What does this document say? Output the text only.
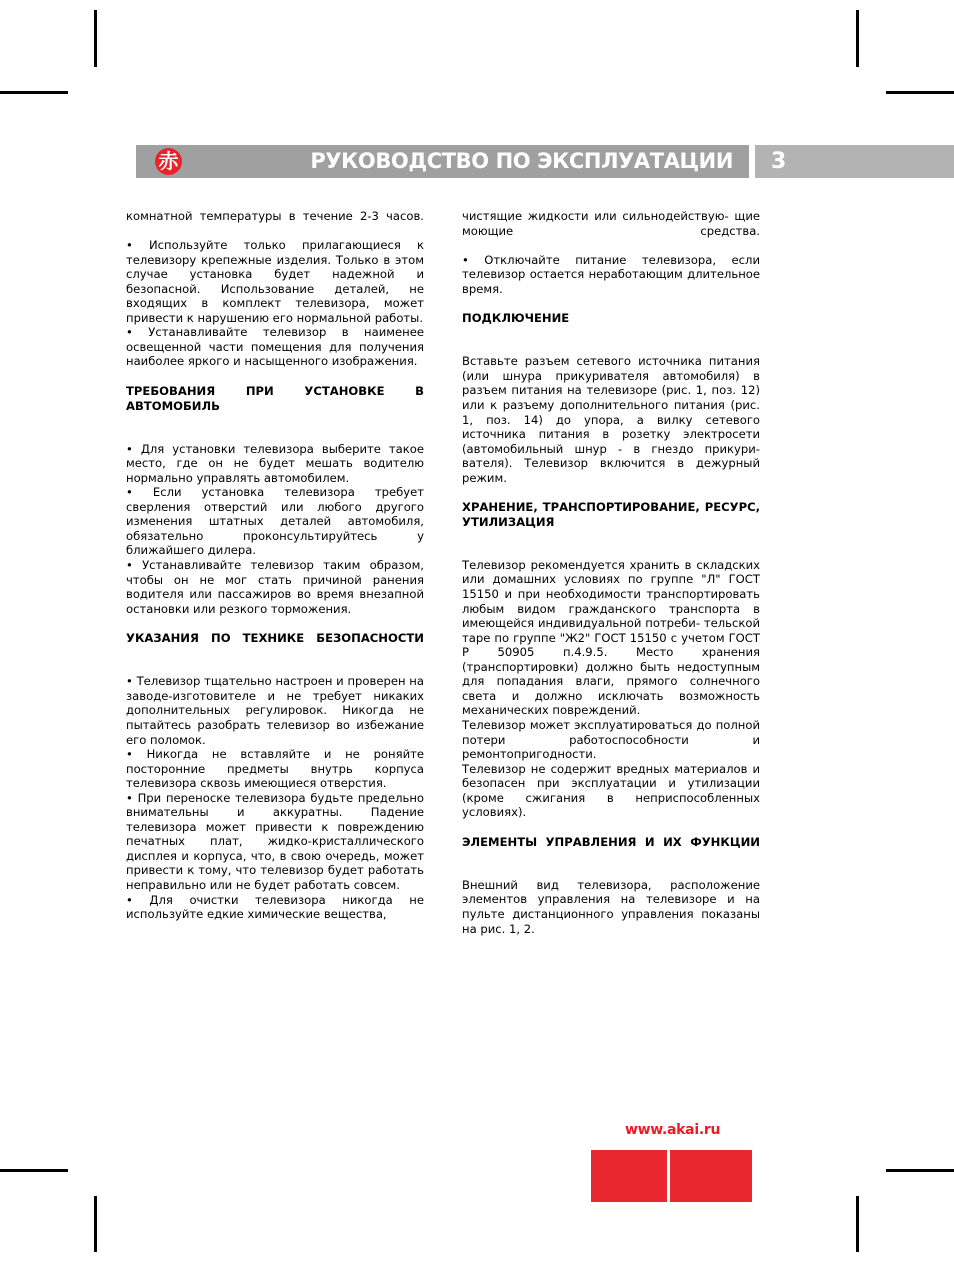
赤	РУКОВОДСТВО ПО ЭКСПЛУАТАЦИИ 3

комнатной температуры в течение 2-3 часов.

• Используйте только прилагающиеся к телевизору крепежные изделия. Только в этом случае установка будет надежной и безопасной. Использование деталей, не входящих в комплект телевизора, может привести к нарушению его нормальной работы.

• Устанавливайте телевизор в наименее освещенной части помещения для получения наиболее яркого и насыщенного изображения.

ТРЕБОВАНИЯ ПРИ УСТАНОВКЕ В АВТОМОБИЛЬ

• Для установки телевизора выберите такое место, где он не будет мешать водителю нормально управлять автомобилем.

• Если установка телевизора требует сверления отверстий или любого другого изменения штатных деталей автомобиля, обязательно проконсультируйтесь у ближайшего дилера.

• Устанавливайте телевизор таким образом, чтобы он не мог стать причиной ранения водителя или пассажиров во время внезапной остановки или резкого торможения.

УКАЗАНИЯ ПО ТЕХНИКЕ БЕЗОПАСНОСТИ

• Телевизор тщательно настроен и проверен на заводе-изготовителе и не требует никаких дополнительных регулировок. Никогда не пытайтесь разобрать телевизор во избежание его поломок.

• Никогда не вставляйте и не роняйте посторонние предметы внутрь корпуса телевизора сквозь имеющиеся отверстия.

• При переноске телевизора будьте предельно внимательны и аккуратны. Падение телевизора может привести к повреждению печатных плат, жидко-кристаллического дисплея и корпуса, что, в свою очередь, может привести к тому, что телевизор будет работать неправильно или не будет работать совсем.

• Для очистки телевизора никогда не используйте едкие химические вещества,

чистящие жидкости или сильнодействую- щие моющие средства.

• Отключайте питание телевизора, если телевизор остается неработающим длительное время.

ПОДКЛЮЧЕНИЕ

Вставьте разъем сетевого источника питания (или шнура прикуривателя автомобиля) в разъем питания на телевизоре (рис. 1, поз. 12) или к разъему дополнительного питания (рис. 1, поз. 14) до упора, а вилку сетевого источника питания в розетку электросети (автомобильный шнур - в гнездо прикури- вателя). Телевизор включится в дежурный режим.

ХРАНЕНИЕ, ТРАНСПОРТИРОВАНИЕ, РЕСУРС, УТИЛИЗАЦИЯ

Телевизор рекомендуется хранить в складских или домашних условиях по группе "Л" ГОСТ 15150 и при необходимости транспортировать любым видом гражданского транспорта в имеющейся индивидуальной потреби- тельской таре по группе "Ж2" ГОСТ 15150 с учетом ГОСТ Р 50905 п.4.9.5. Место хранения (транспортировки) должно быть недоступным для попадания влаги, прямого солнечного света и должно исключать возможность механических повреждений.

Телевизор может эксплуатироваться до полной потери работоспособности и ремонтопригодности.

Телевизор не содержит вредных материалов и безопасен при эксплуатации и утилизации (кроме сжигания в неприспособленных условиях).

ЭЛЕМЕНТЫ УПРАВЛЕНИЯ И ИХ ФУНКЦИИ

Внешний вид телевизора, расположение элементов управления на телевизоре и на пульте дистанционного управления показаны на рис. 1, 2.

www.akai.ru
